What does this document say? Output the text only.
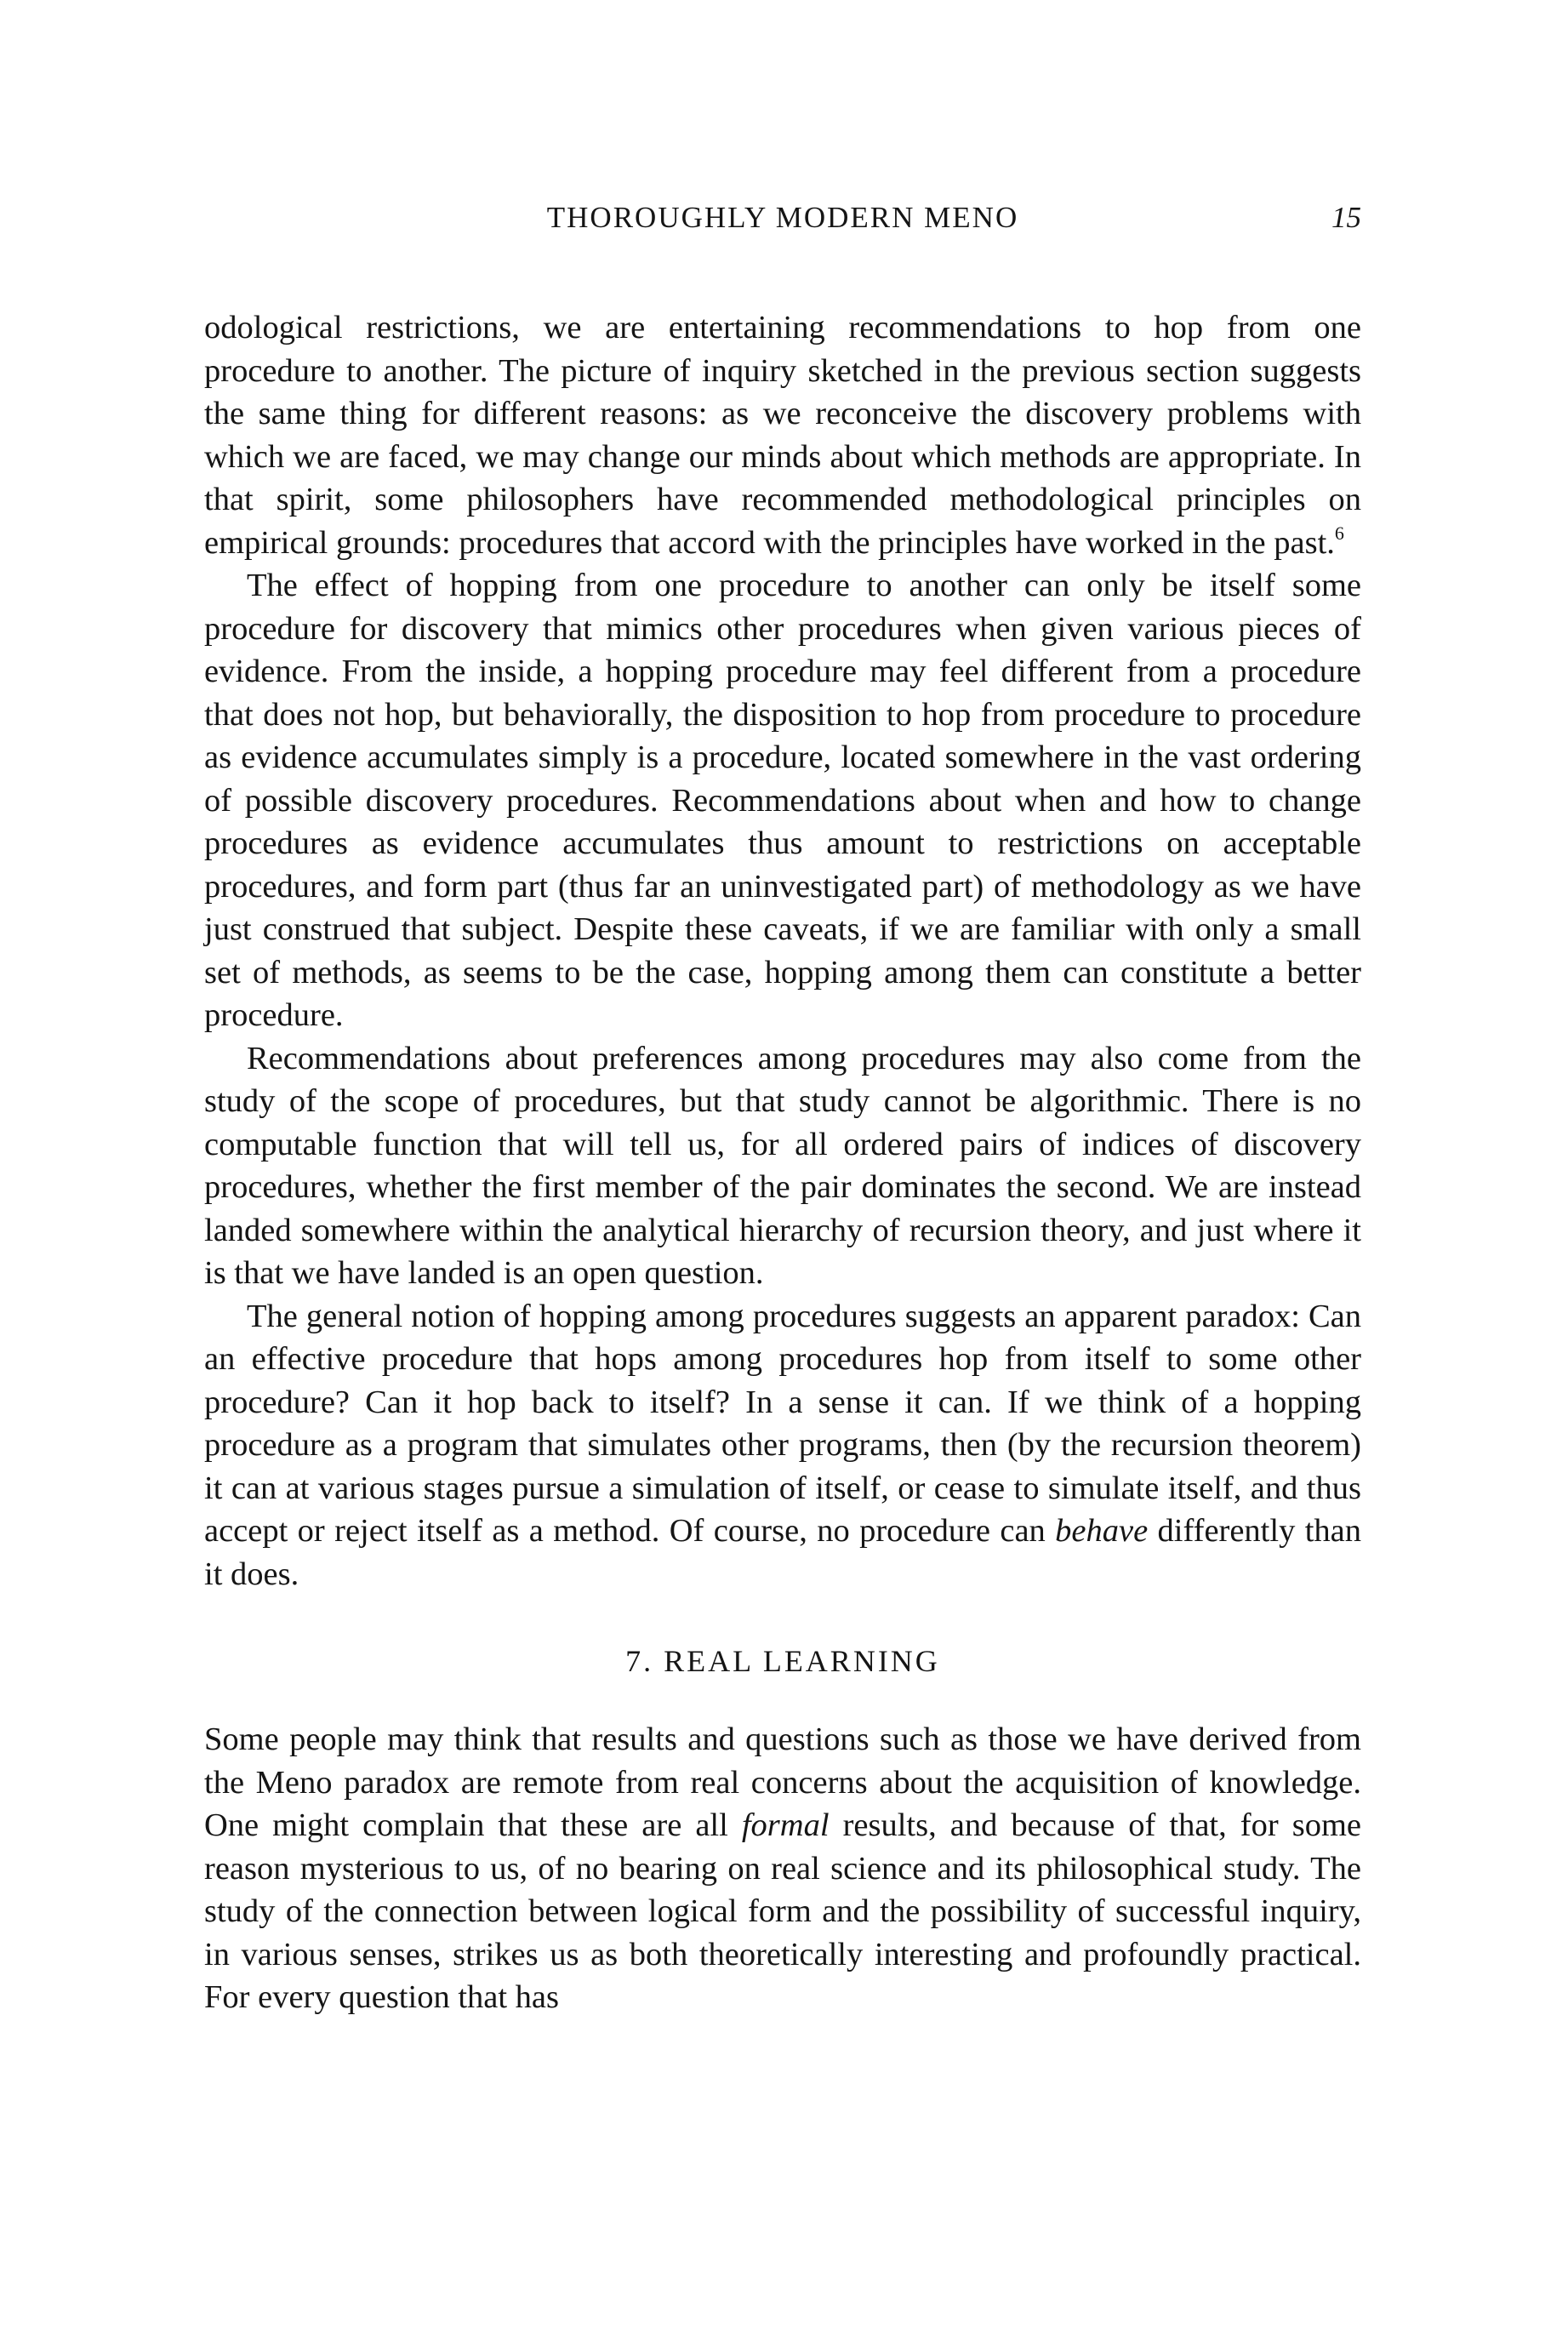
THOROUGHLY MODERN MENO	15

odological restrictions, we are entertaining recommendations to hop from one procedure to another. The picture of inquiry sketched in the previous section suggests the same thing for different reasons: as we reconceive the discovery problems with which we are faced, we may change our minds about which methods are appropriate. In that spirit, some philosophers have recommended methodological principles on empirical grounds: procedures that accord with the principles have worked in the past.$^6$

The effect of hopping from one procedure to another can only be itself some procedure for discovery that mimics other procedures when given various pieces of evidence. From the inside, a hopping procedure may feel different from a procedure that does not hop, but behaviorally, the disposition to hop from procedure to procedure as evidence accumulates simply is a procedure, located somewhere in the vast ordering of possible discovery procedures. Recommendations about when and how to change procedures as evidence accumulates thus amount to restrictions on acceptable procedures, and form part (thus far an uninvestigated part) of methodology as we have just construed that subject. Despite these caveats, if we are familiar with only a small set of methods, as seems to be the case, hopping among them can constitute a better procedure.

Recommendations about preferences among procedures may also come from the study of the scope of procedures, but that study cannot be algorithmic. There is no computable function that will tell us, for all ordered pairs of indices of discovery procedures, whether the first member of the pair dominates the second. We are instead landed somewhere within the analytical hierarchy of recursion theory, and just where it is that we have landed is an open question.

The general notion of hopping among procedures suggests an apparent paradox: Can an effective procedure that hops among procedures hop from itself to some other procedure? Can it hop back to itself? In a sense it can. If we think of a hopping procedure as a program that simulates other programs, then (by the recursion theorem) it can at various stages pursue a simulation of itself, or cease to simulate itself, and thus accept or reject itself as a method. Of course, no procedure can behave differently than it does.

7. REAL LEARNING

Some people may think that results and questions such as those we have derived from the Meno paradox are remote from real concerns about the acquisition of knowledge. One might complain that these are all formal results, and because of that, for some reason mysterious to us, of no bearing on real science and its philosophical study. The study of the connection between logical form and the possibility of successful inquiry, in various senses, strikes us as both theoretically interesting and profoundly practical. For every question that has
